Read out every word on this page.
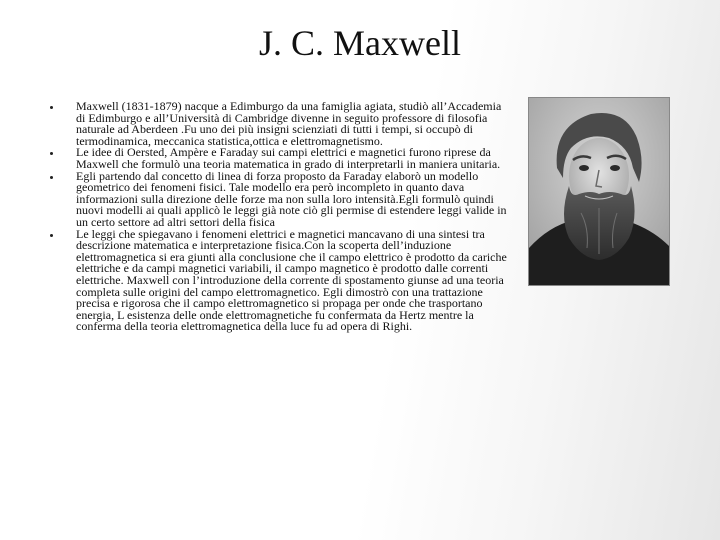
J. C. Maxwell
Maxwell (1831-1879) nacque a Edimburgo da una famiglia agiata, studiò all’Accademia di Edimburgo e all’Università di Cambridge divenne in seguito professore di filosofia naturale ad Aberdeen .Fu uno dei più insigni scienziati di tutti i tempi, si occupò di termodinamica, meccanica statistica,ottica e elettromagnetismo.
Le idee di Oersted, Ampère e Faraday sui campi elettrici e magnetici furono riprese da Maxwell che formulò una teoria matematica in grado di interpretarli in maniera unitaria.
Egli partendo dal concetto di linea di forza proposto da Faraday elaborò un modello geometrico dei fenomeni fisici. Tale modello era però incompleto in quanto dava informazioni sulla direzione delle forze ma non sulla loro intensità.Egli formulò quindi nuovi modelli ai quali applicò le leggi già note ciò gli permise di estendere leggi valide in un certo settore ad altri settori della fisica
Le leggi che spiegavano i fenomeni elettrici e magnetici mancavano di una sintesi tra descrizione matematica e interpretazione fisica.Con la scoperta dell’induzione elettromagnetica si era giunti alla conclusione che il campo elettrico è prodotto da cariche elettriche e da campi magnetici variabili, il campo magnetico è prodotto dalle correnti elettriche. Maxwell con l’introduzione della corrente di spostamento giunse ad una teoria completa sulle origini del campo elettromagnetico. Egli dimostrò con una trattazione precisa e rigorosa che il campo elettromagnetico si propaga per onde che trasportano energia, L esistenza delle onde elettromagnetiche fu confermata da Hertz mentre la conferma della teoria elettromagnetica della luce fu ad opera di Righi.
